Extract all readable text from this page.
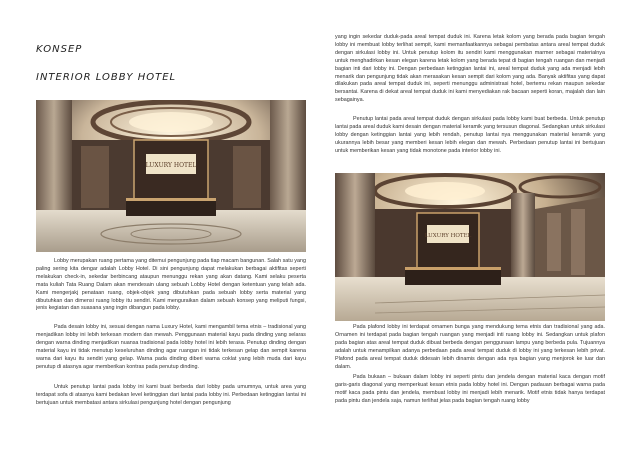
KONSEP
INTERIOR LOBBY HOTEL
LUXURY HOTEL
LUXURY HOTEL

Lobby merupakan ruang pertama yang ditemui pengunjung pada tiap macam bangunan. Salah satu yang paling sering kita dengar adalah Lobby Hotel. Di sini pengunjung dapat melakukan berbagai aktifitas seperti melakukan check-in, sekedar berbincang ataupun menunggu rekan yang akan datang. Kami selaku peserta mata kuliah Tata Ruang Dalam akan mendesain ulang sebuah Lobby Hotel dengan ketentuan yang telah ada. Kami mengerjakj penataan ruang, objek-objek yang dibutuhkan pada sebuah lobby serta material yang dibutuhkan dan dimensi ruang lobby itu sendiri. Kami menguraikan dalam sebuah konsep yang meliputi fungsi, jenis kegiatan dan suasana yang ingin dibangun pada lobby.

Pada desain lobby ini, sesuai dengan nama Luxury Hotel, kami mengambil tema etnis – tradisional yang menjadikan lobby ini lebih terkesan modern dan mewah. Penggunaan material kayu pada dinding yang selaras dengan warna dinding menjadikan nuansa tradisional pada lobby hotel ini lebih terasa. Penutup dinding dengan material kayu ini tidak menutup keseluruhan dinding agar ruangan ini tidak terkesan gelap dan sempit karena warna dari kayu itu sendiri yang gelap. Warna pada dinding diberi warna coklat yang lebih muda dari kayu penutup di atasnya agar memberikan kontras pada penutup dinding.

Untuk penutup lantai pada lobby ini kami buat berbeda dari lobby pada umumnya, untuk area yang terdapat sofa di atasnya kami bedakan level ketinggian dari lantai pada lobby ini. Perbedaan ketinggian lantai ini bertujuan untuk membatasi antara sirkulasi pengunjung hotel dengan pengunjung

yang ingin sekedar duduk-pada areal tempat duduk ini. Karena letak kolom yang berada pada bagian tengah lobby ini membuat lobby terlihat sempit, kami memanfaatkannya sebagai pembatas antara areal tempat duduk dengan sirkulasi lobby ini. Untuk penutup kolom itu sendiri kami menggunakan marmer sebagai materialnya untuk menghadirkan kesan elegan karena letak kolom yang berada tepat di bagian tengah ruangan dan menjadi bagian inti dari lobby ini. Dengan perbedaan ketinggian lantai ini, areal tempat duduk yang ada menjadi lebih menarik dan pengunjung tidak akan merasakan kesan sempit dari kolom yang ada. Banyak aktifitas yang dapat dilakukan pada areal tempat duduk ini, seperti menunggu administrasi hotel, bertemu rekan maupun sekedar bersantai. Karena di dekat areal tempat duduk ini kami menyediakan rak bacaan seperti koran, majalah dan lain sebagainya.

Penutup lantai pada areal tempat duduk dengan sirkulasi pada lobby kami buat berbeda. Untuk penutup lantai pada areal duduk kami desain dengan material keramik yang tersusun diagonal. Sedangkan untuk sirkulasi lobby dengan ketinggian lantai yang lebih rendah, penutup lantai nya menggunakan material keramik yang ukurannya lebih besar yang memberi kesan lebih elegan dan mewah. Perbedaan penutup lantai ini bertujuan untuk memberikan kesan yang tidak monotone pada interior lobby ini.

Pada plafond lobby ini terdapat ornamen bunga yang mendukung tema etnis dan tradisional yang ada. Ornamen ini terdapat pada bagian tengah ruangan yang menjadi inti ruang lobby ini. Sedangkan untuk plafon pada bagian atas areal tempat duduk dibuat berbeda dengan penggunaan lampu yang berbeda pula. Tujuannya adalah untuk menampilkan adanya perbedaan pada areal tempat duduk di lobby ini yang terkesan lebih privat. Plafond pada areal tempat duduk didesain lebih dinamis dengan ada nya bagian yang menjorok ke luar dan dalam.

Pada bukaan – bukaan dalam lobby ini seperti pintu dan jendela dengan material kaca dengan motif garis-garis diagonal yang memperkuat kesan etnis pada lobby hotel ini. Dengan padauan berbagai warna pada motif kaca pada pintu dan jendela, membuat lobby ini menjadi lebih menarik. Motif etnis tidak hanya terdapat pada pintu dan jendela saja, namun terlihat jelas pada bagian tengah ruang lobby
